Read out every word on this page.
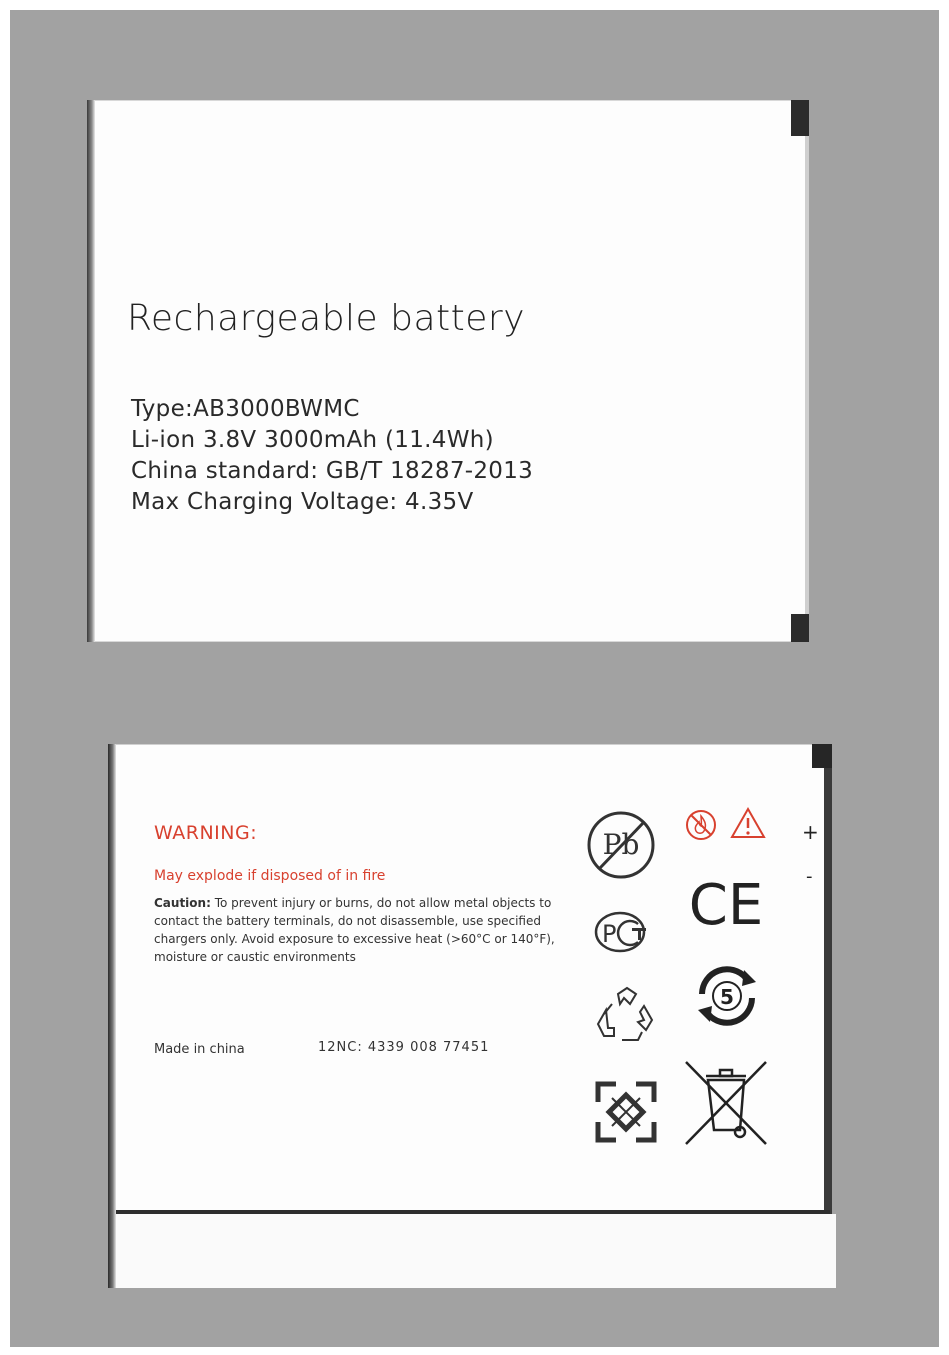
Rechargeable battery
Type:AB3000BWMC
Li-ion 3.8V 3000mAh (11.4Wh)
China standard: GB/T 18287-2013
Max Charging Voltage: 4.35V
WARNING:
May explode if disposed of in fire
Caution: To prevent injury or burns, do not allow metal objects to contact the battery terminals, do not disassemble, use specified chargers only. Avoid exposure to excessive heat (>60°C or 140°F), moisture or caustic environments
Made in china	12NC: 4339 008 77451
+
-
Pb
CE
P
5
